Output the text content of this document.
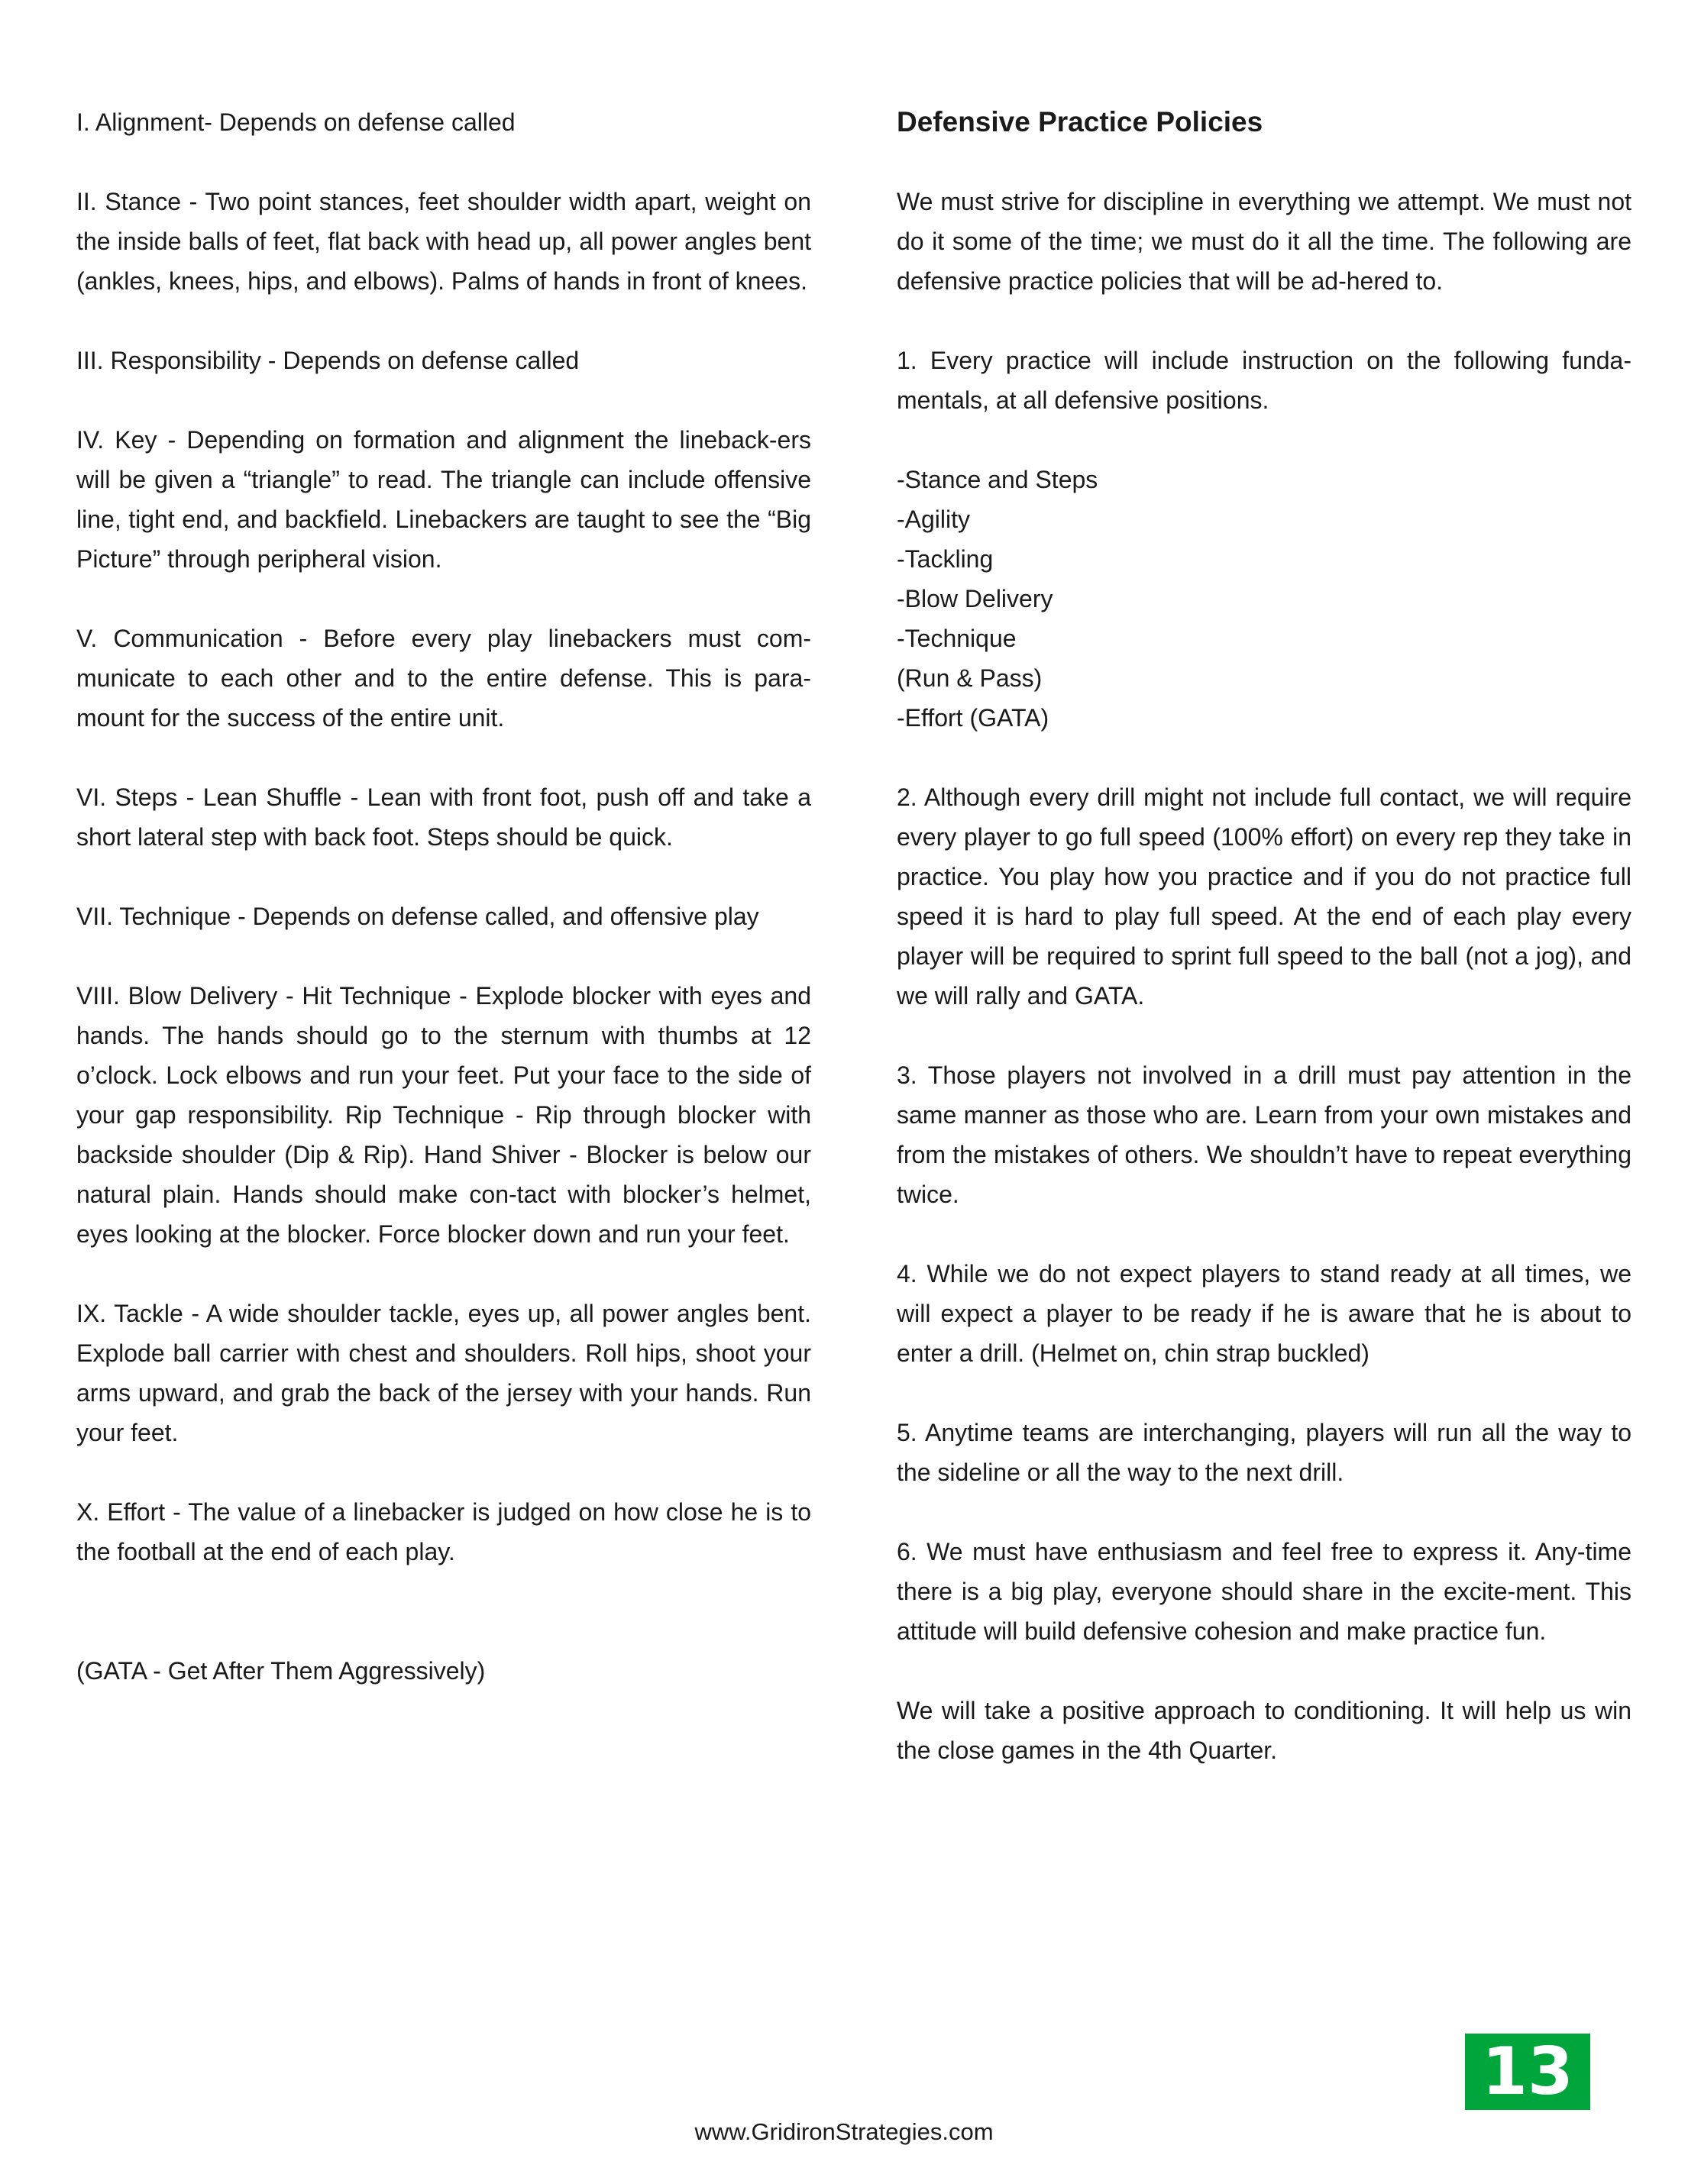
I. Alignment- Depends on defense called

II. Stance - Two point stances, feet shoulder width apart, weight on the inside balls of feet, flat back with head up, all power angles bent (ankles, knees, hips, and elbows). Palms of hands in front of knees.

III. Responsibility - Depends on defense called

IV. Key - Depending on formation and alignment the lineback-ers will be given a “triangle” to read. The triangle can include offensive line, tight end, and backfield. Linebackers are taught to see the “Big Picture” through peripheral vision.

V. Communication - Before every play linebackers must com-municate to each other and to the entire defense. This is para-mount for the success of the entire unit.

VI. Steps - Lean Shuffle - Lean with front foot, push off and take a short lateral step with back foot. Steps should be quick.

VII. Technique - Depends on defense called, and offensive play

VIII. Blow Delivery - Hit Technique - Explode blocker with eyes and hands. The hands should go to the sternum with thumbs at 12 o’clock. Lock elbows and run your feet. Put your face to the side of your gap responsibility. Rip Technique - Rip through blocker with backside shoulder (Dip & Rip). Hand Shiver - Blocker is below our natural plain. Hands should make con-tact with blocker’s helmet, eyes looking at the blocker. Force blocker down and run your feet.

IX. Tackle - A wide shoulder tackle, eyes up, all power angles bent. Explode ball carrier with chest and shoulders. Roll hips, shoot your arms upward, and grab the back of the jersey with your hands. Run your feet.

X. Effort - The value of a linebacker is judged on how close he is to the football at the end of each play.

(GATA - Get After Them Aggressively)

Defensive Practice Policies

We must strive for discipline in everything we attempt. We must not do it some of the time; we must do it all the time. The following are defensive practice policies that will be ad-hered to.

1. Every practice will include instruction on the following funda-mentals, at all defensive positions.

-Stance and Steps

-Agility

-Tackling

-Blow Delivery

-Technique

(Run & Pass)

-Effort (GATA)

2. Although every drill might not include full contact, we will require every player to go full speed (100% effort) on every rep they take in practice. You play how you practice and if you do not practice full speed it is hard to play full speed. At the end of each play every player will be required to sprint full speed to the ball (not a jog), and we will rally and GATA.

3. Those players not involved in a drill must pay attention in the same manner as those who are. Learn from your own mistakes and from the mistakes of others. We shouldn’t have to repeat everything twice.

4. While we do not expect players to stand ready at all times, we will expect a player to be ready if he is aware that he is about to enter a drill. (Helmet on, chin strap buckled)

5. Anytime teams are interchanging, players will run all the way to the sideline or all the way to the next drill.

6. We must have enthusiasm and feel free to express it. Any-time there is a big play, everyone should share in the excite-ment. This attitude will build defensive cohesion and make practice fun.

We will take a positive approach to conditioning. It will help us win the close games in the 4th Quarter.

13
www.GridironStrategies.com
